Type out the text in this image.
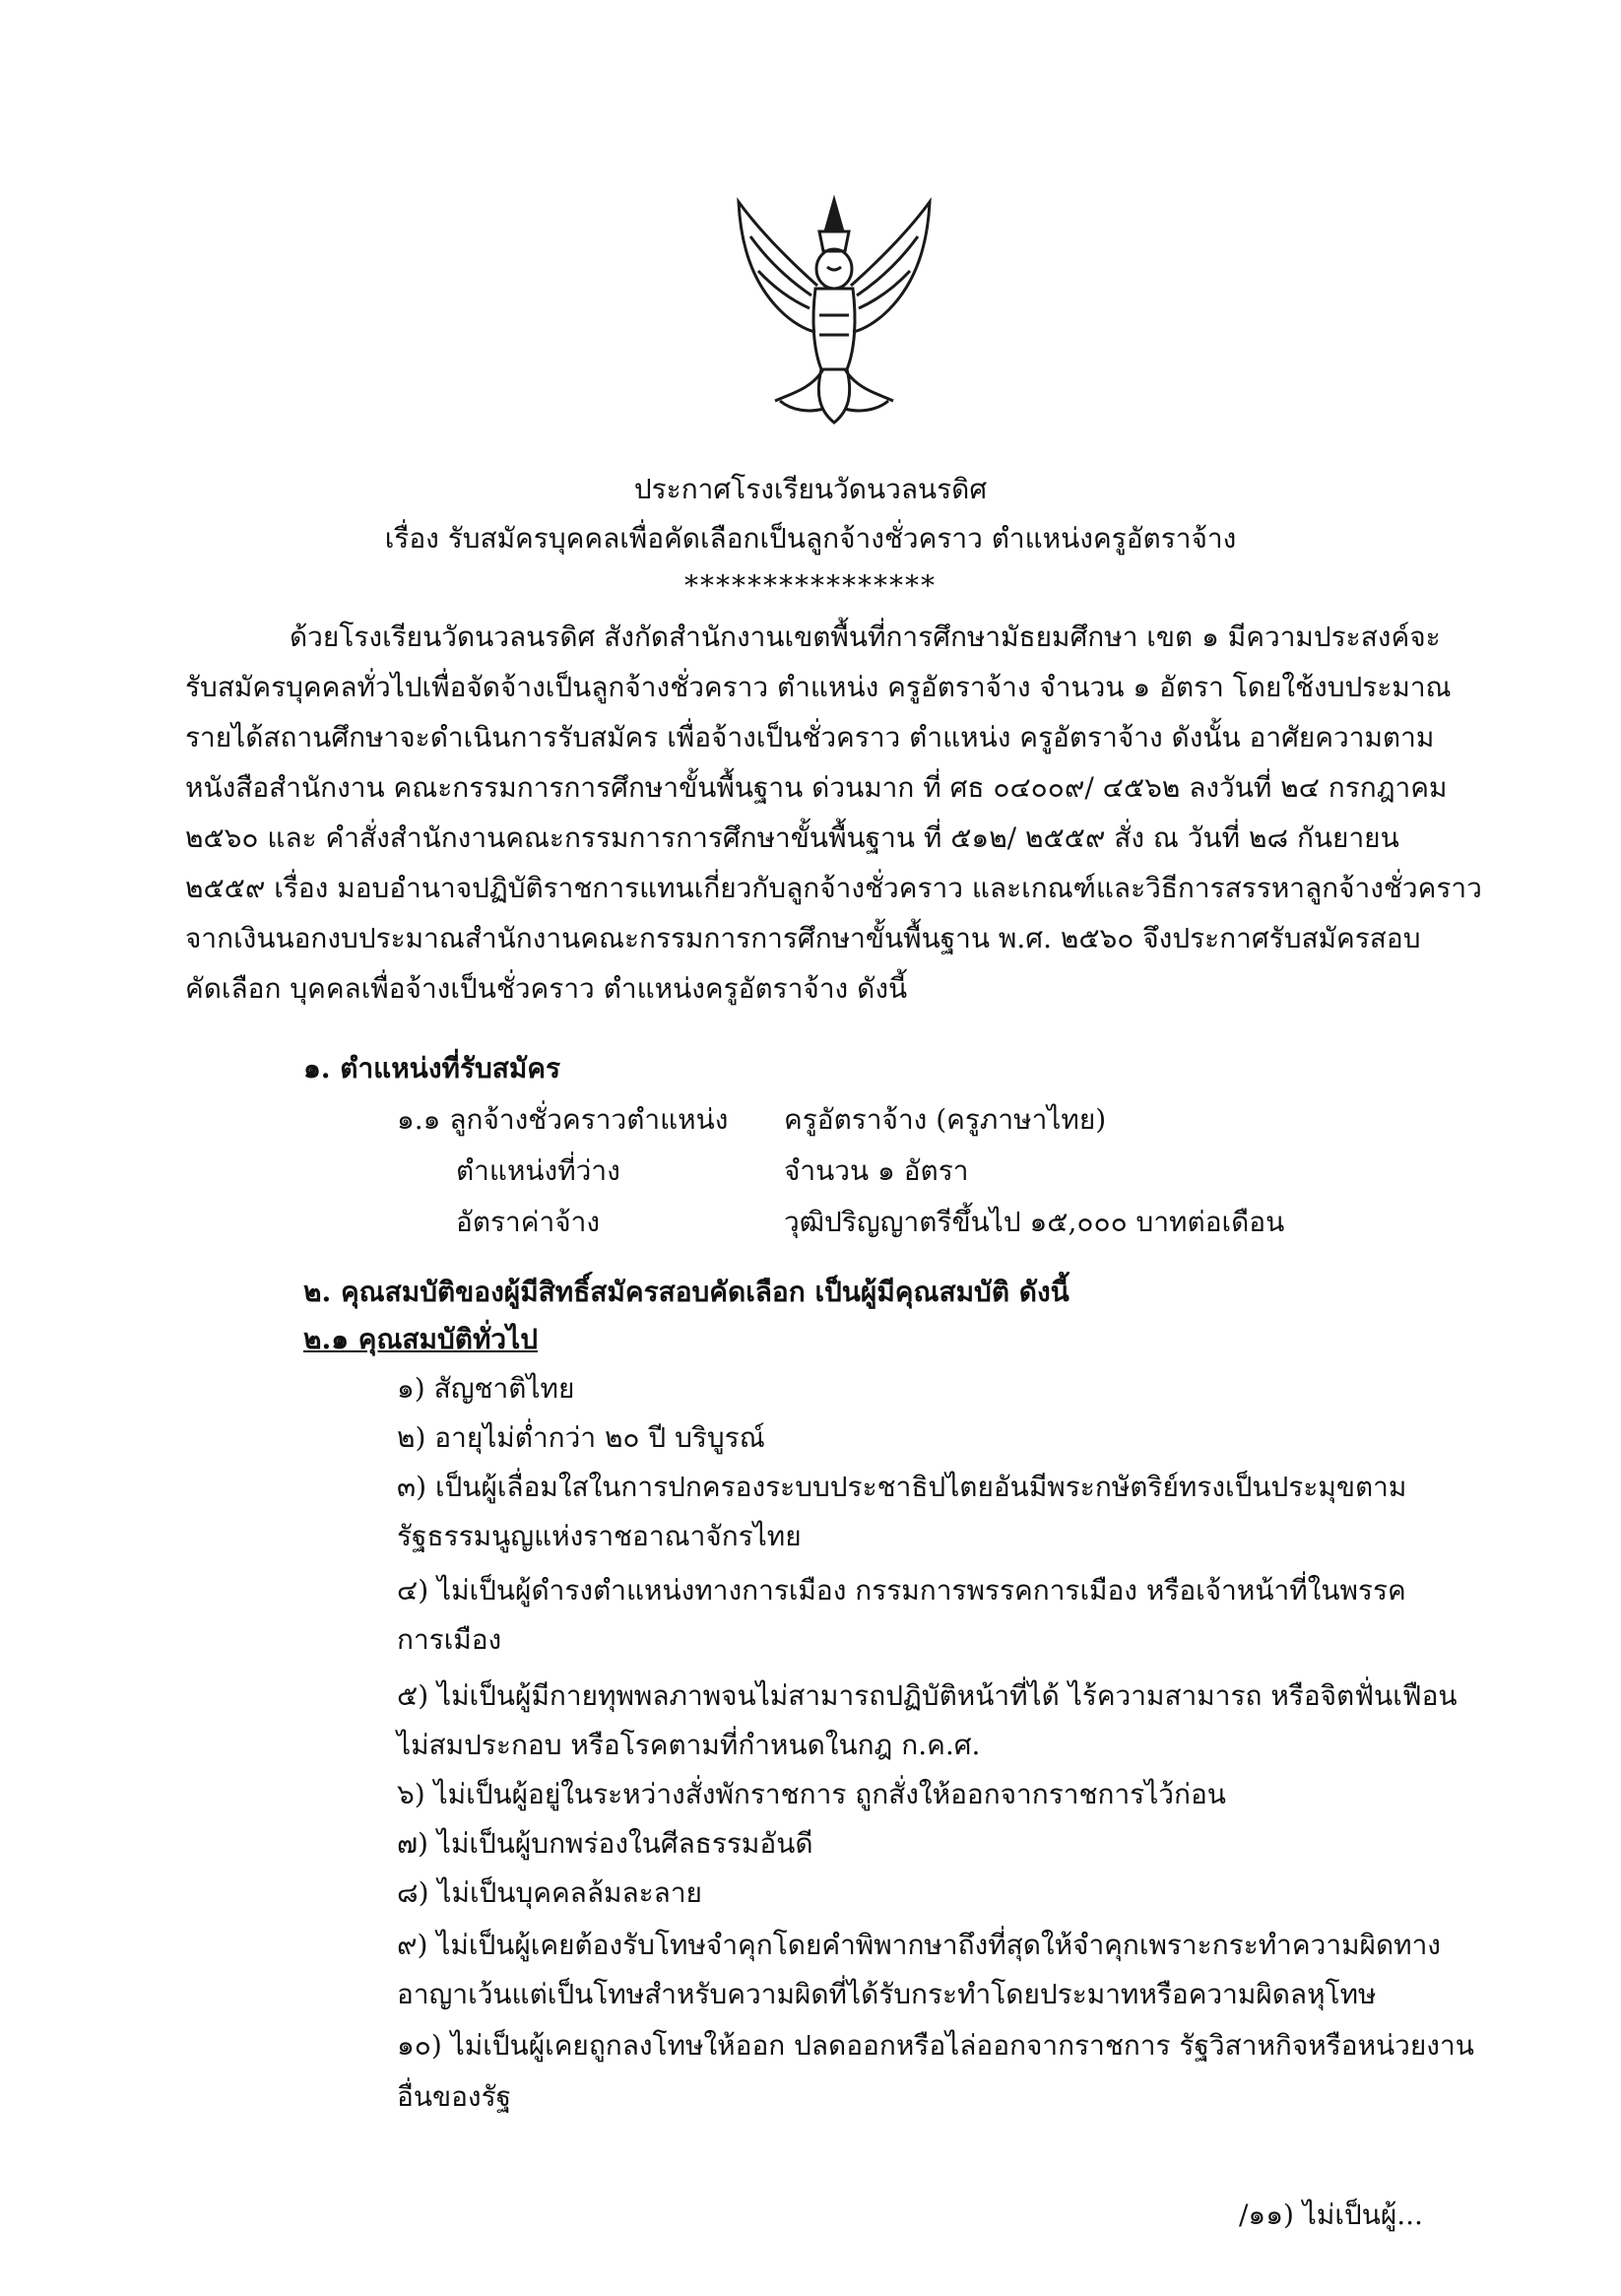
ประกาศโรงเรียนวัดนวลนรดิศ
เรื่อง รับสมัครบุคคลเพื่อคัดเลือกเป็นลูกจ้างชั่วคราว ตำแหน่งครูอัตราจ้าง
****************
ด้วยโรงเรียนวัดนวลนรดิศ สังกัดสำนักงานเขตพื้นที่การศึกษามัธยมศึกษา เขต ๑ มีความประสงค์จะ
รับสมัครบุคคลทั่วไปเพื่อจัดจ้างเป็นลูกจ้างชั่วคราว ตำแหน่ง ครูอัตราจ้าง จำนวน ๑ อัตรา โดยใช้งบประมาณ
รายได้สถานศึกษาจะดำเนินการรับสมัคร เพื่อจ้างเป็นชั่วคราว ตำแหน่ง ครูอัตราจ้าง ดังนั้น อาศัยความตาม
หนังสือสำนักงาน คณะกรรมการการศึกษาขั้นพื้นฐาน ด่วนมาก ที่ ศธ ๐๔๐๐๙/ ๔๕๖๒ ลงวันที่ ๒๔ กรกฎาคม
๒๕๖๐ และ คำสั่งสำนักงานคณะกรรมการการศึกษาขั้นพื้นฐาน ที่ ๕๑๒/ ๒๕๕๙ สั่ง ณ วันที่ ๒๘ กันยายน
๒๕๕๙ เรื่อง มอบอำนาจปฏิบัติราชการแทนเกี่ยวกับลูกจ้างชั่วคราว และเกณฑ์และวิธีการสรรหาลูกจ้างชั่วคราว
จากเงินนอกงบประมาณสำนักงานคณะกรรมการการศึกษาขั้นพื้นฐาน พ.ศ. ๒๕๖๐ จึงประกาศรับสมัครสอบ
คัดเลือก บุคคลเพื่อจ้างเป็นชั่วคราว ตำแหน่งครูอัตราจ้าง ดังนี้
๑. ตำแหน่งที่รับสมัคร
๑.๑ ลูกจ้างชั่วคราวตำแหน่ง ครูอัตราจ้าง (ครูภาษาไทย)
ตำแหน่งที่ว่าง	จำนวน ๑ อัตรา
อัตราค่าจ้าง	วุฒิปริญญาตรีขึ้นไป ๑๕,๐๐๐ บาทต่อเดือน
๒. คุณสมบัติของผู้มีสิทธิ์สมัครสอบคัดเลือก เป็นผู้มีคุณสมบัติ ดังนี้
๒.๑ คุณสมบัติทั่วไป
๑) สัญชาติไทย
๒) อายุไม่ต่ำกว่า ๒๐ ปี บริบูรณ์
๓) เป็นผู้เลื่อมใสในการปกครองระบบประชาธิปไตยอันมีพระกษัตริย์ทรงเป็นประมุขตาม
รัฐธรรมนูญแห่งราชอาณาจักรไทย
๔) ไม่เป็นผู้ดำรงตำแหน่งทางการเมือง กรรมการพรรคการเมือง หรือเจ้าหน้าที่ในพรรค
การเมือง
๕) ไม่เป็นผู้มีกายทุพพลภาพจนไม่สามารถปฏิบัติหน้าที่ได้ ไร้ความสามารถ หรือจิตฟั่นเฟือน
ไม่สมประกอบ หรือโรคตามที่กำหนดในกฎ ก.ค.ศ.
๖) ไม่เป็นผู้อยู่ในระหว่างสั่งพักราชการ ถูกสั่งให้ออกจากราชการไว้ก่อน
๗) ไม่เป็นผู้บกพร่องในศีลธรรมอันดี
๘) ไม่เป็นบุคคลล้มละลาย
๙) ไม่เป็นผู้เคยต้องรับโทษจำคุกโดยคำพิพากษาถึงที่สุดให้จำคุกเพราะกระทำความผิดทาง
อาญาเว้นแต่เป็นโทษสำหรับความผิดที่ได้รับกระทำโดยประมาทหรือความผิดลหุโทษ
๑๐) ไม่เป็นผู้เคยถูกลงโทษให้ออก ปลดออกหรือไล่ออกจากราชการ รัฐวิสาหกิจหรือหน่วยงาน
อื่นของรัฐ
/๑๑) ไม่เป็นผู้...
